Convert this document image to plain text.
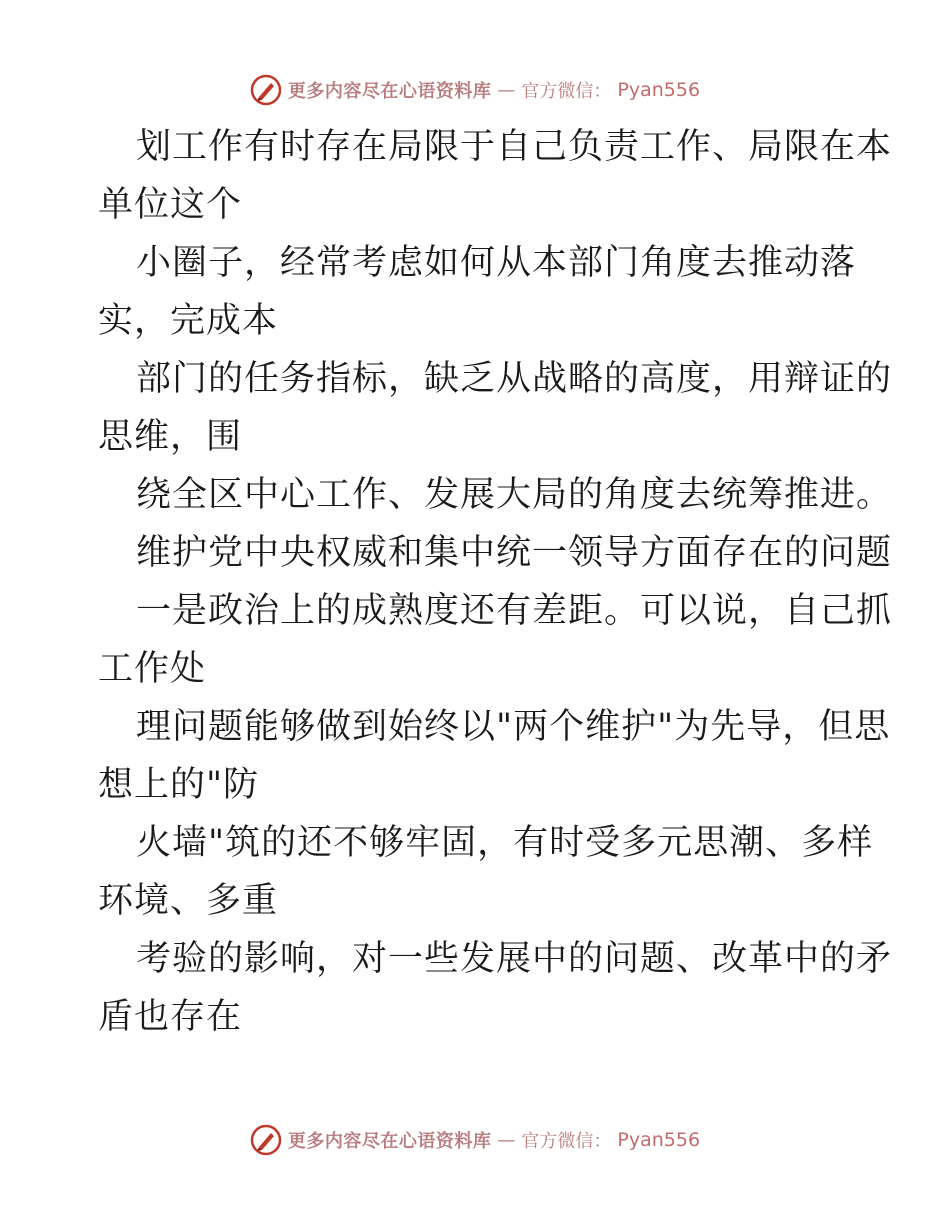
更多内容尽在心语资料库 — 官方微信： Pyan556

划工作有时存在局限于自己负责工作、局限在本

单位这个

小圈子，经常考虑如何从本部门角度去推动落

实，完成本

部门的任务指标，缺乏从战略的高度，用辩证的

思维，围

绕全区中心工作、发展大局的角度去统筹推进。

维护党中央权威和集中统一领导方面存在的问题

一是政治上的成熟度还有差距。可以说，自己抓

工作处

理问题能够做到始终以"两个维护"为先导，但思

想上的"防

火墙"筑的还不够牢固，有时受多元思潮、多样

环境、多重

考验的影响，对一些发展中的问题、改革中的矛

盾也存在

更多内容尽在心语资料库 — 官方微信： Pyan556
